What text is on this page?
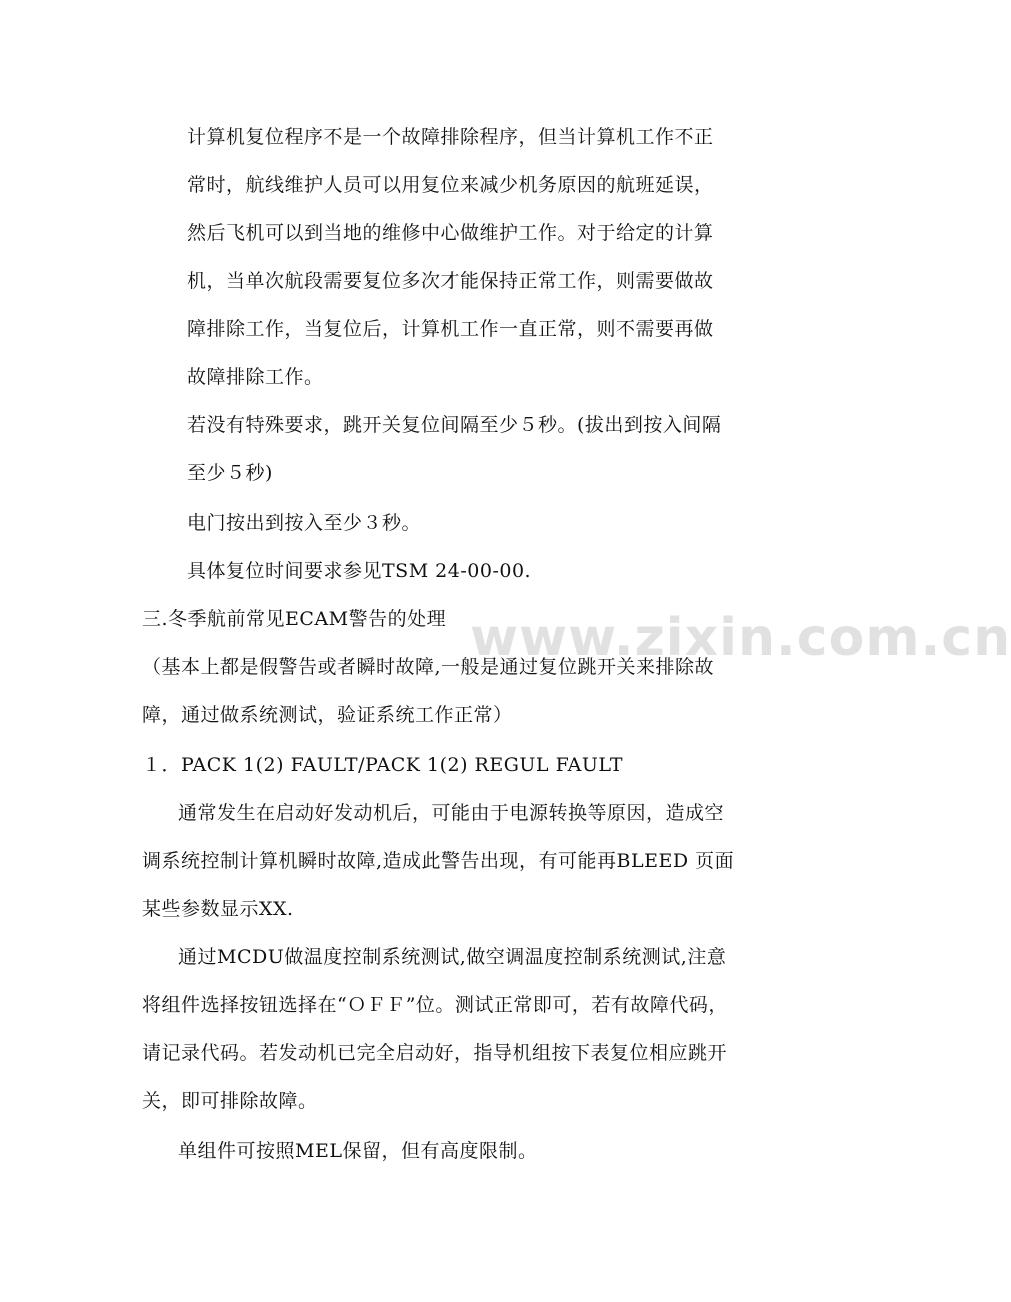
计算机复位程序不是一个故障排除程序，但当计算机工作不正

常时，航线维护人员可以用复位来减少机务原因的航班延误，

然后飞机可以到当地的维修中心做维护工作。对于给定的计算

机，当单次航段需要复位多次才能保持正常工作，则需要做故

障排除工作，当复位后，计算机工作一直正常，则不需要再做

故障排除工作。

若没有特殊要求，跳开关复位间隔至少５秒。(拔出到按入间隔

至少５秒)

电门按出到按入至少３秒。

具体复位时间要求参见TSM 24-00-00.

三.冬季航前常见ECAM警告的处理

（基本上都是假警告或者瞬时故障,一般是通过复位跳开关来排除故

障，通过做系统测试，验证系统工作正常）

１．PACK 1(2) FAULT/PACK 1(2) REGUL FAULT

通常发生在启动好发动机后，可能由于电源转换等原因，造成空

调系统控制计算机瞬时故障,造成此警告出现，有可能再BLEED 页面

某些参数显示XX.

通过MCDU做温度控制系统测试,做空调温度控制系统测试,注意

将组件选择按钮选择在“ＯＦＦ”位。测试正常即可，若有故障代码，

请记录代码。若发动机已完全启动好，指导机组按下表复位相应跳开

关，即可排除故障。

单组件可按照MEL保留，但有高度限制。

www.zixin.com.cn
